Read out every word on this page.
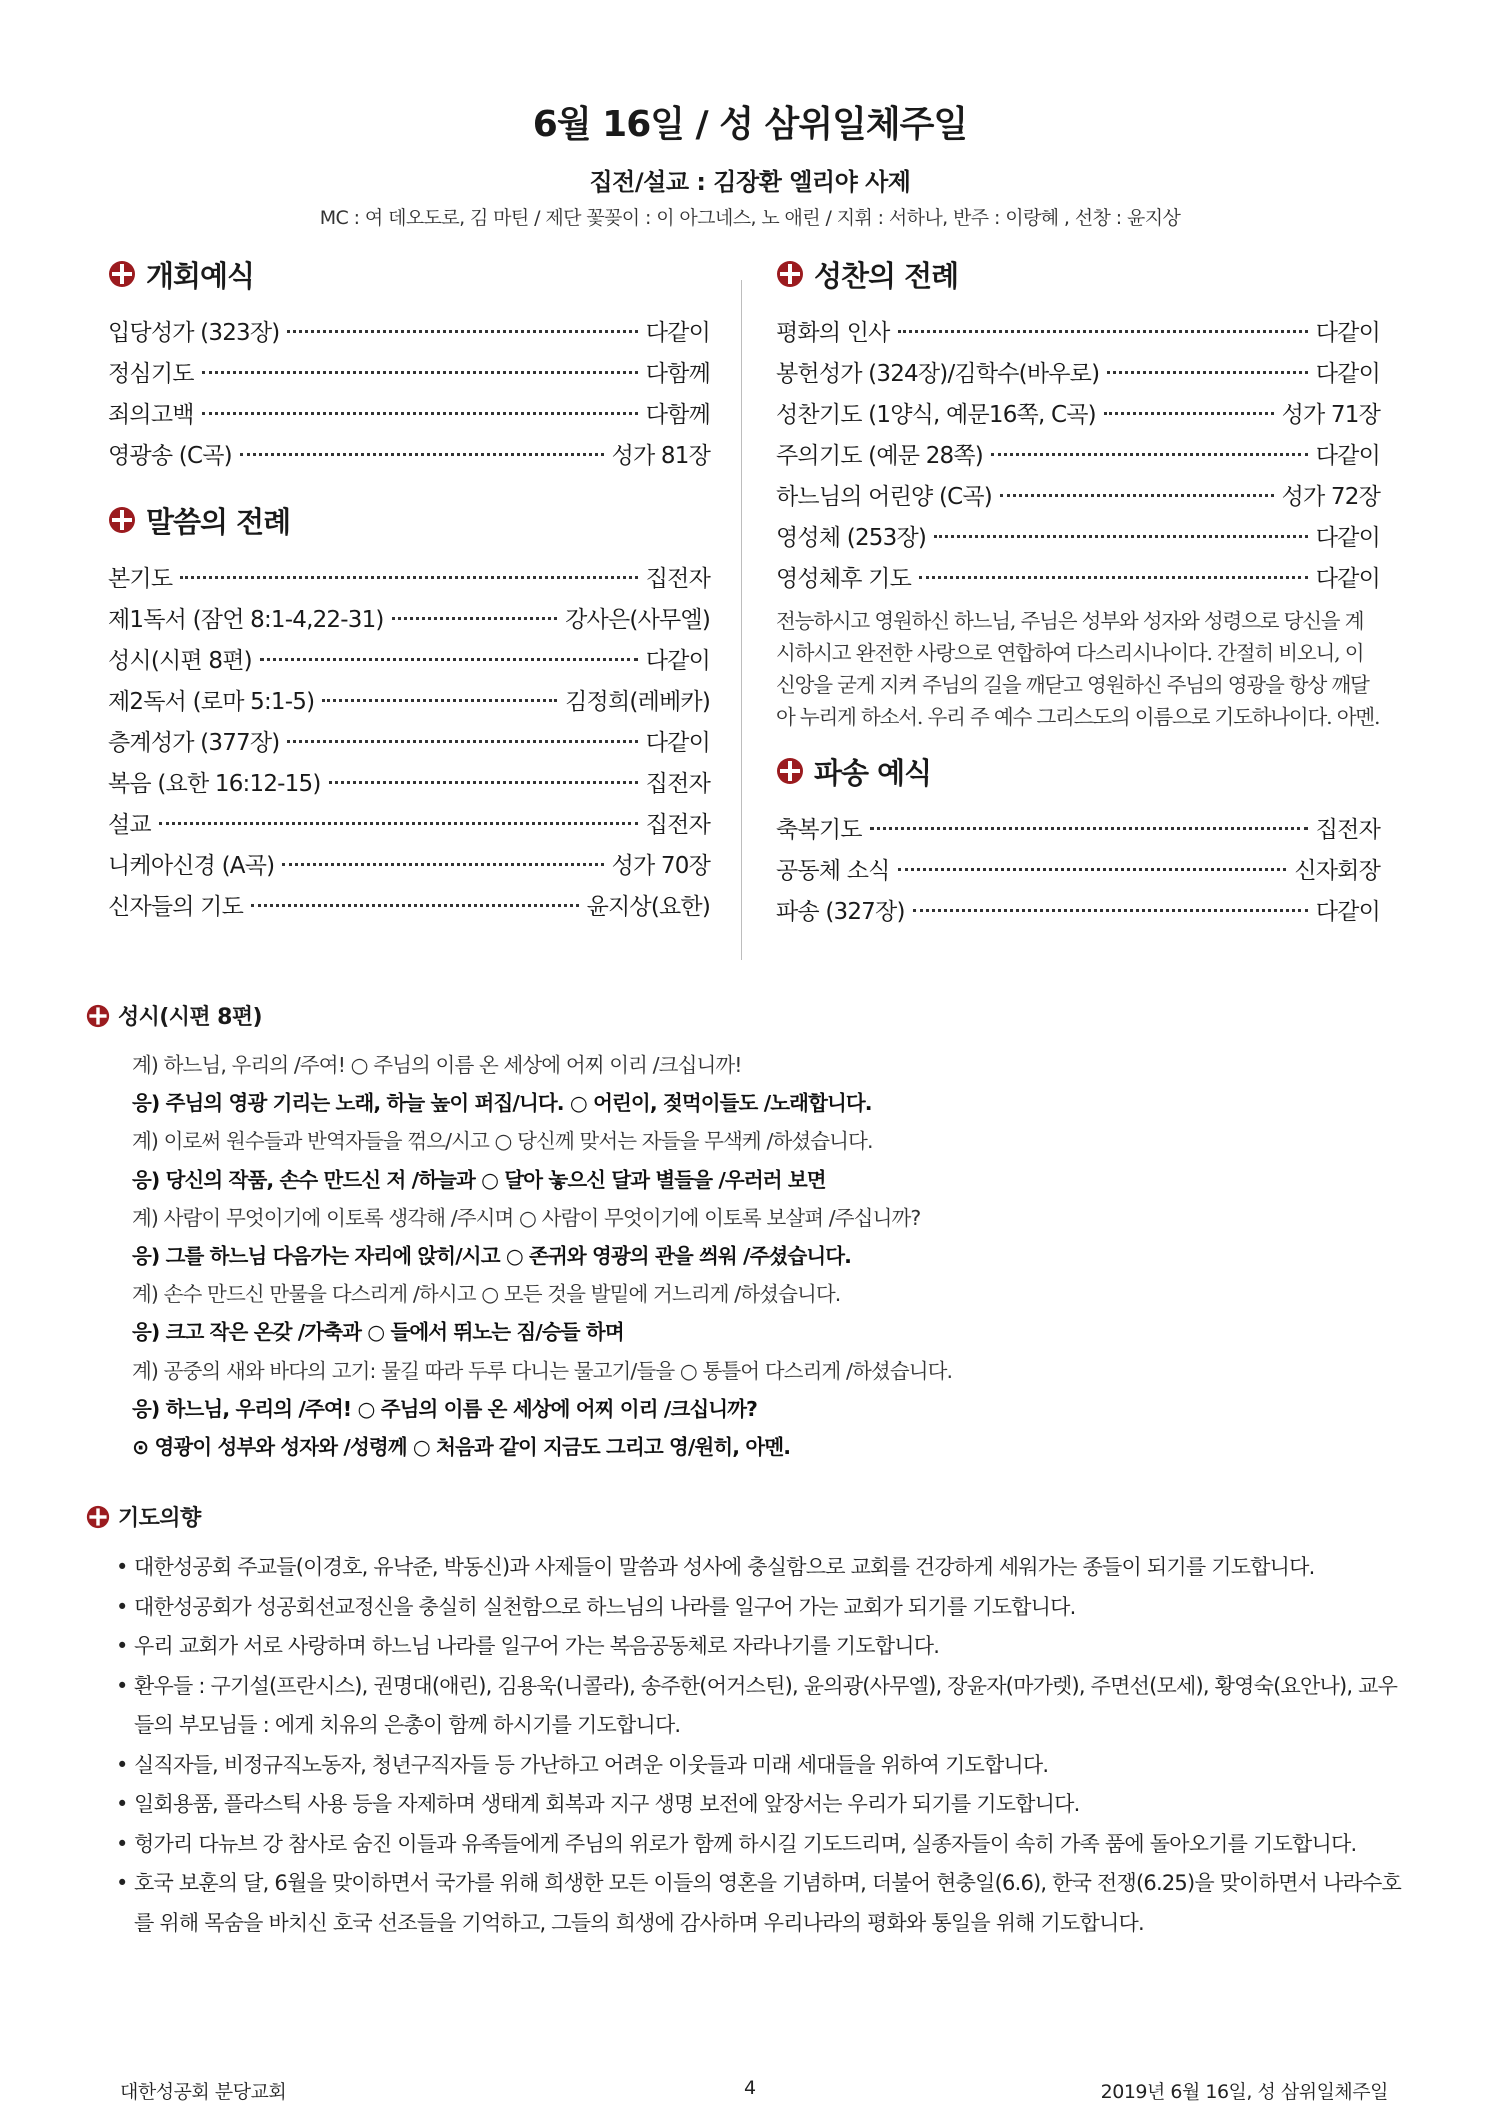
6월 16일 / 성 삼위일체주일
집전/설교 : 김장환 엘리야 사제
MC : 여 데오도로, 김 마틴 / 제단 꽃꽂이 : 이 아그네스, 노 애린 / 지휘 : 서하나, 반주 : 이랑혜 , 선창 : 윤지상
개회예식
입당성가 (323장)	다같이
정심기도	다함께
죄의고백	다함께
영광송 (C곡)	성가 81장
말씀의 전례
본기도	집전자
제1독서 (잠언 8:1-4,22-31)	강사은(사무엘)
성시(시편 8편)	다같이
제2독서 (로마 5:1-5)	김정희(레베카)
층계성가 (377장)	다같이
복음 (요한 16:12-15)	집전자
설교	집전자
니케아신경 (A곡)	성가 70장
신자들의 기도	윤지상(요한)
성찬의 전례
평화의 인사	다같이
봉헌성가 (324장)/김학수(바우로)	다같이
성찬기도 (1양식, 예문16쪽, C곡)	성가 71장
주의기도 (예문 28쪽)	다같이
하느님의 어린양 (C곡)	성가 72장
영성체 (253장)	다같이
영성체후 기도	다같이
전능하시고 영원하신 하느님, 주님은 성부와 성자와 성령으로 당신을 계시하시고 완전한 사랑으로 연합하여 다스리시나이다. 간절히 비오니, 이 신앙을 굳게 지켜 주님의 길을 깨닫고 영원하신 주님의 영광을 항상 깨달아 누리게 하소서. 우리 주 예수 그리스도의 이름으로 기도하나이다. 아멘.
파송 예식
축복기도	집전자
공동체 소식	신자회장
파송 (327장)	다같이
성시(시편 8편)
계) 하느님, 우리의 /주여! ○ 주님의 이름 온 세상에 어찌 이리 /크십니까!
응) 주님의 영광 기리는 노래, 하늘 높이 퍼집/니다. ○ 어린이, 젖먹이들도 /노래합니다.
계) 이로써 원수들과 반역자들을 꺾으/시고 ○ 당신께 맞서는 자들을 무색케 /하셨습니다.
응) 당신의 작품, 손수 만드신 저 /하늘과 ○ 달아 놓으신 달과 별들을 /우러러 보면
계) 사람이 무엇이기에 이토록 생각해 /주시며 ○ 사람이 무엇이기에 이토록 보살펴 /주십니까?
응) 그를 하느님 다음가는 자리에 앉히/시고 ○ 존귀와 영광의 관을 씌워 /주셨습니다.
계) 손수 만드신 만물을 다스리게 /하시고 ○ 모든 것을 발밑에 거느리게 /하셨습니다.
응) 크고 작은 온갖 /가축과 ○ 들에서 뛰노는 짐/승들 하며
계) 공중의 새와 바다의 고기: 물길 따라 두루 다니는 물고기/들을 ○ 통틀어 다스리게 /하셨습니다.
응) 하느님, 우리의 /주여! ○ 주님의 이름 온 세상에 어찌 이리 /크십니까?
⊙ 영광이 성부와 성자와 /성령께 ○ 처음과 같이 지금도 그리고 영/원히, 아멘.
기도의향
• 대한성공회 주교들(이경호, 유낙준, 박동신)과 사제들이 말씀과 성사에 충실함으로 교회를 건강하게 세워가는 종들이 되기를 기도합니다.
• 대한성공회가 성공회선교정신을 충실히 실천함으로 하느님의 나라를 일구어 가는 교회가 되기를 기도합니다.
• 우리 교회가 서로 사랑하며 하느님 나라를 일구어 가는 복음공동체로 자라나기를 기도합니다.
• 환우들 : 구기설(프란시스), 권명대(애린), 김용욱(니콜라), 송주한(어거스틴), 윤의광(사무엘), 장윤자(마가렛), 주면선(모세), 황영숙(요안나), 교우들의 부모님들 : 에게 치유의 은총이 함께 하시기를 기도합니다.
• 실직자들, 비정규직노동자, 청년구직자들 등 가난하고 어려운 이웃들과 미래 세대들을 위하여 기도합니다.
• 일회용품, 플라스틱 사용 등을 자제하며 생태계 회복과 지구 생명 보전에 앞장서는 우리가 되기를 기도합니다.
• 헝가리 다뉴브 강 참사로 숨진 이들과 유족들에게 주님의 위로가 함께 하시길 기도드리며, 실종자들이 속히 가족 품에 돌아오기를 기도합니다.
• 호국 보훈의 달, 6월을 맞이하면서 국가를 위해 희생한 모든 이들의 영혼을 기념하며, 더불어 현충일(6.6), 한국 전쟁(6.25)을 맞이하면서 나라수호를 위해 목숨을 바치신 호국 선조들을 기억하고, 그들의 희생에 감사하며 우리나라의 평화와 통일을 위해 기도합니다.
대한성공회 분당교회	4	2019년 6월 16일, 성 삼위일체주일
